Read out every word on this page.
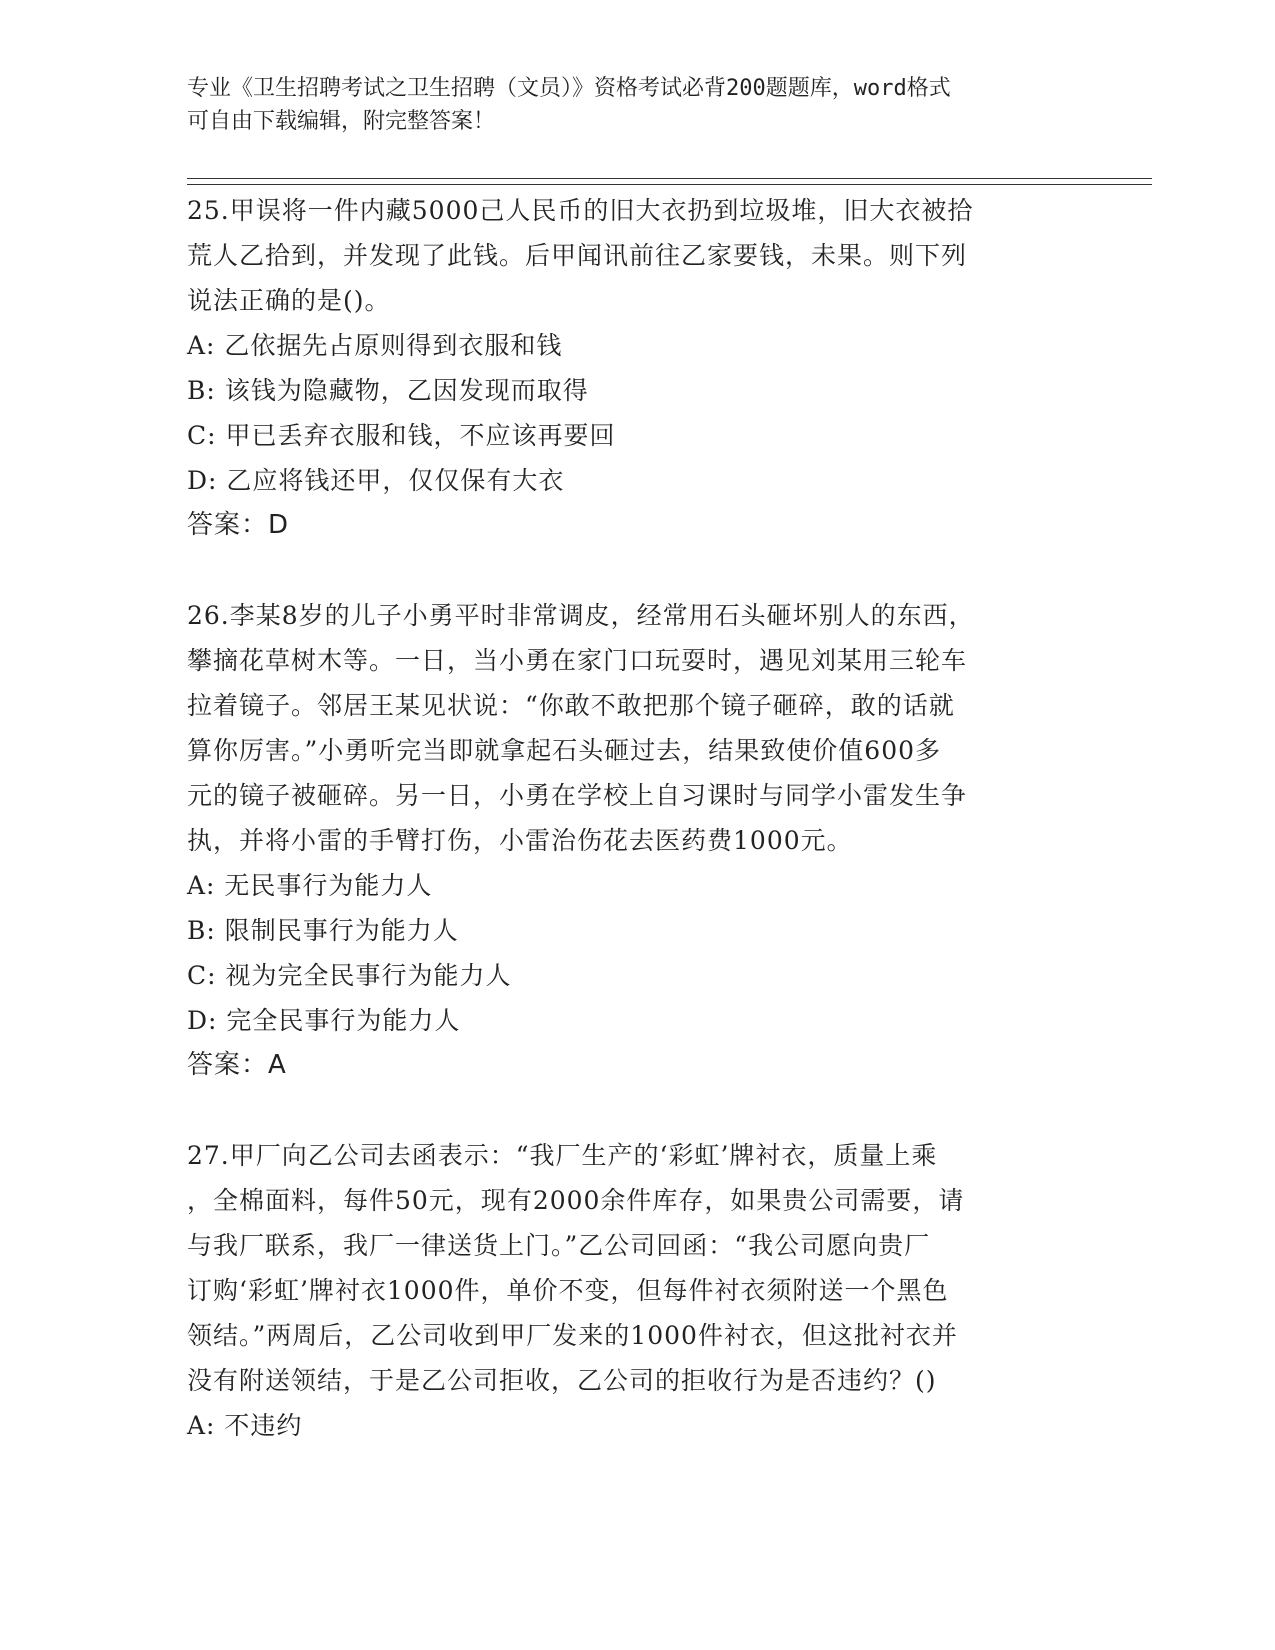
专业《卫生招聘考试之卫生招聘（文员）》资格考试必背200题题库，word格式
可自由下载编辑，附完整答案！
25.甲误将一件内藏5000己人民币的旧大衣扔到垃圾堆，旧大衣被拾
荒人乙拾到，并发现了此钱。后甲闻讯前往乙家要钱，未果。则下列
说法正确的是()。
A: 乙依据先占原则得到衣服和钱
B: 该钱为隐藏物，乙因发现而取得
C: 甲已丢弃衣服和钱，不应该再要回
D: 乙应将钱还甲，仅仅保有大衣
答案：D
26.李某8岁的儿子小勇平时非常调皮，经常用石头砸坏别人的东西，
攀摘花草树木等。一日，当小勇在家门口玩耍时，遇见刘某用三轮车
拉着镜子。邻居王某见状说：“你敢不敢把那个镜子砸碎，敢的话就
算你厉害。”小勇听完当即就拿起石头砸过去，结果致使价值600多
元的镜子被砸碎。另一日，小勇在学校上自习课时与同学小雷发生争
执，并将小雷的手臂打伤，小雷治伤花去医药费1000元。
A: 无民事行为能力人
B: 限制民事行为能力人
C: 视为完全民事行为能力人
D: 完全民事行为能力人
答案：A
27.甲厂向乙公司去函表示：“我厂生产的‘彩虹’牌衬衣，质量上乘
，全棉面料，每件50元，现有2000余件库存，如果贵公司需要，请
与我厂联系，我厂一律送货上门。”乙公司回函：“我公司愿向贵厂
订购‘彩虹’牌衬衣1000件，单价不变，但每件衬衣须附送一个黑色
领结。”两周后，乙公司收到甲厂发来的1000件衬衣，但这批衬衣并
没有附送领结，于是乙公司拒收，乙公司的拒收行为是否违约？()
A: 不违约
